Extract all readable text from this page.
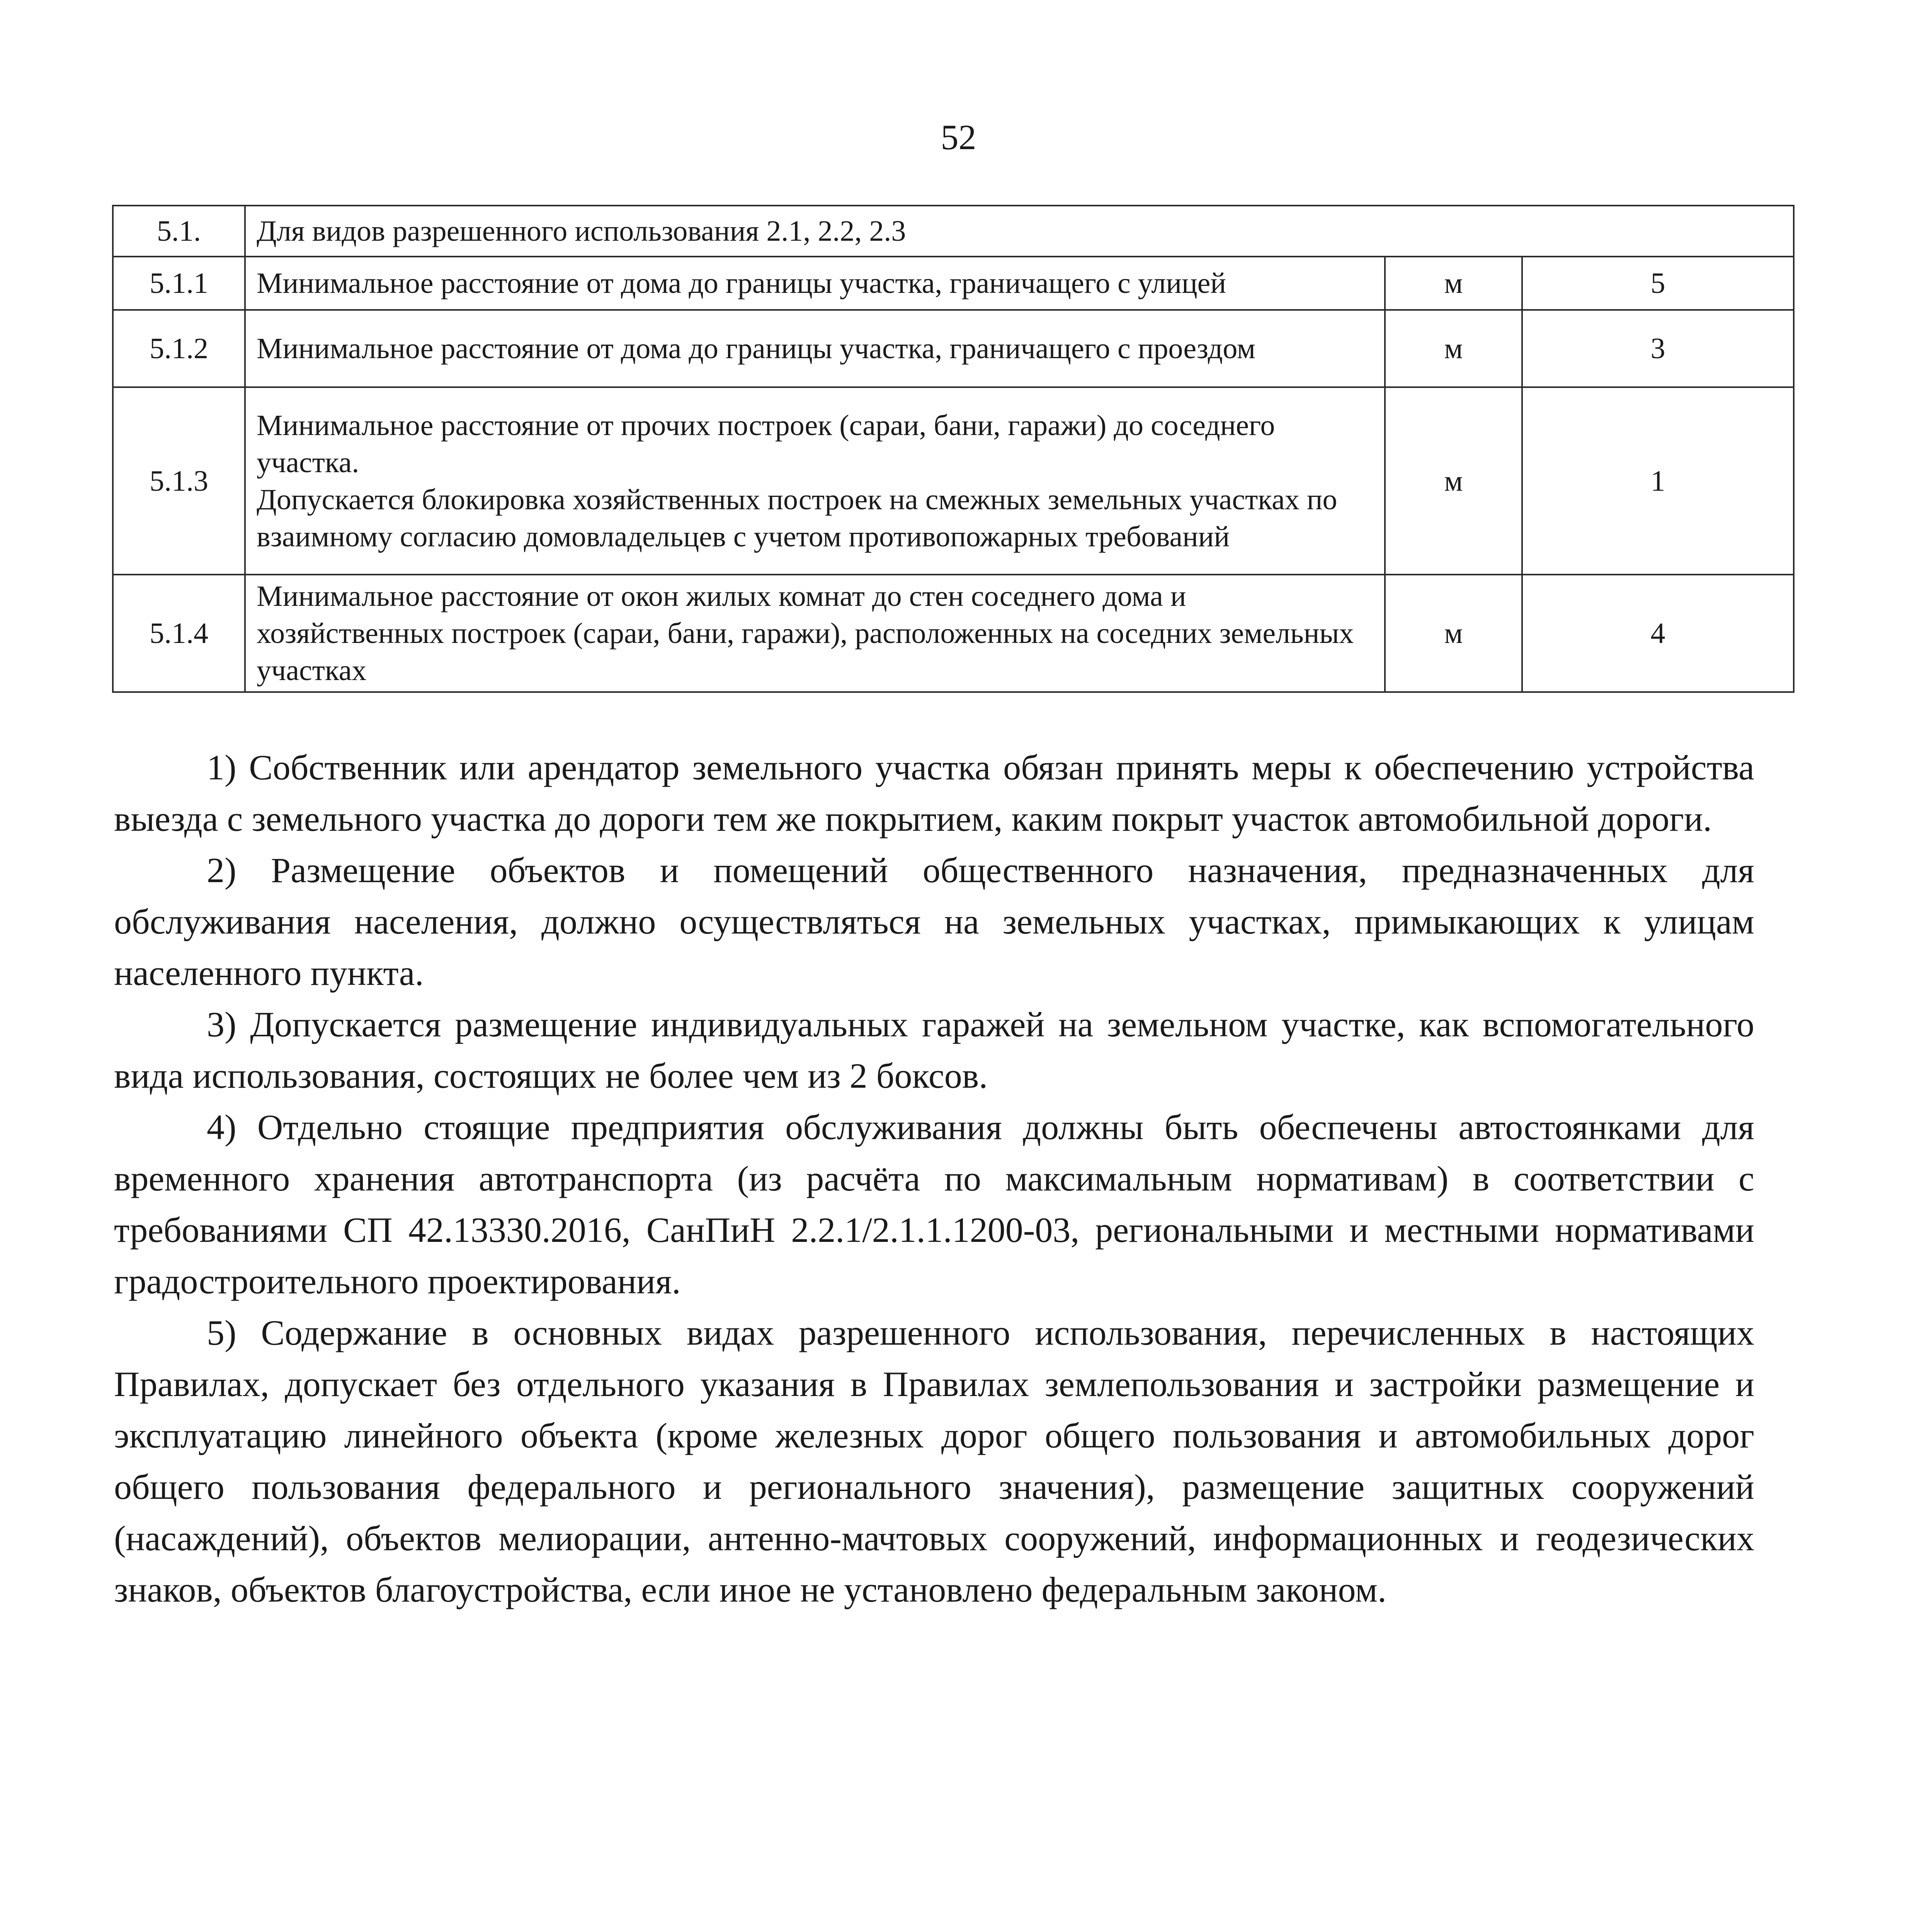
52
5.1.	Для видов разрешенного использования 2.1, 2.2, 2.3		
5.1.1	Минимальное расстояние от дома до границы участка, граничащего с улицей	м	5
5.1.2	Минимальное расстояние от дома до границы участка, граничащего с проездом	м	3
5.1.3	Минимальное расстояние от прочих построек (сараи, бани, гаражи) до соседнего участка.
Допускается блокировка хозяйственных построек на смежных земельных участках по взаимному согласию домовладельцев с учетом противопожарных требований	м	1
5.1.4	Минимальное расстояние от окон жилых комнат до стен соседнего дома и хозяйственных построек (сараи, бани, гаражи), расположенных на соседних земельных участках	м	4

1) Собственник или арендатор земельного участка обязан принять меры к обеспечению устройства выезда с земельного участка до дороги тем же покрытием, каким покрыт участок автомобильной дороги.

2) Размещение объектов и помещений общественного назначения, предназначенных для обслуживания населения, должно осуществляться на земельных участках, примыкающих к улицам населенного пункта.

3) Допускается размещение индивидуальных гаражей на земельном участке, как вспомогательного вида использования, состоящих не более чем из 2 боксов.

4) Отдельно стоящие предприятия обслуживания должны быть обеспечены автостоянками для временного хранения автотранспорта (из расчёта по максимальным нормативам) в соответствии с требованиями СП 42.13330.2016, СанПиН 2.2.1/2.1.1.1200-03, региональными и местными нормативами градостроительного проектирования.

5) Содержание в основных видах разрешенного использования, перечисленных в настоящих Правилах, допускает без отдельного указания в Правилах землепользования и застройки размещение и эксплуатацию линейного объекта (кроме железных дорог общего пользования и автомобильных дорог общего пользования федерального и регионального значения), размещение защитных сооружений (насаждений), объектов мелиорации, антенно-мачтовых сооружений, информационных и геодезических знаков, объектов благоустройства, если иное не установлено федеральным законом.
